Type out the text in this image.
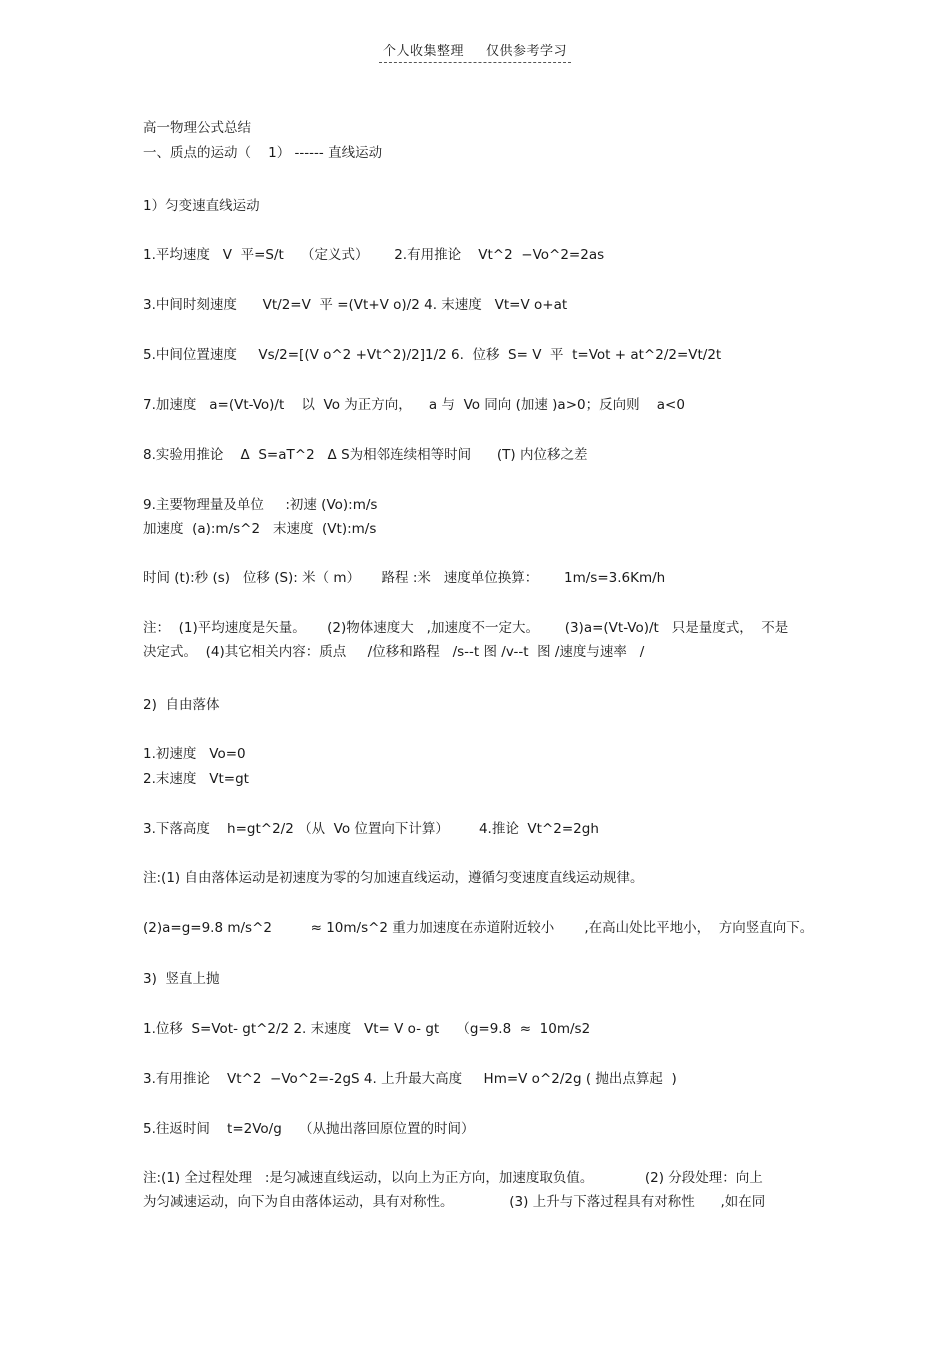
个人收集整理 仅供参考学习
高一物理公式总结
一、质点的运动（    1） ------ 直线运动
1）匀变速直线运动
1.平均速度   V  平=S/t    （定义式）      2.有用推论    Vt^2  −Vo^2=2as
3.中间时刻速度      Vt/2=V  平 =(Vt+V o)/2 4. 末速度   Vt=V o+at
5.中间位置速度     Vs/2=[(V o^2 +Vt^2)/2]1/2 6.  位移  S= V  平  t=Vot + at^2/2=Vt/2t
7.加速度   a=(Vt-Vo)/t    以  Vo 为正方向，    a 与  Vo 同向 (加速 )a>0；反向则    a<0
8.实验用推论    Δ  S=aT^2   Δ S为相邻连续相等时间      (T) 内位移之差
9.主要物理量及单位     :初速 (Vo):m/s
加速度  (a):m/s^2   末速度  (Vt):m/s
时间 (t):秒 (s)   位移 (S): 米（ m）     路程 :米   速度单位换算：      1m/s=3.6Km/h
注：  (1)平均速度是矢量。     (2)物体速度大   ,加速度不一定大。      (3)a=(Vt-Vo)/t   只是量度式，  不是
决定式。  (4)其它相关内容：质点     /位移和路程   /s--t 图 /v--t  图 /速度与速率   /
2)  自由落体
1.初速度   Vo=0
2.末速度   Vt=gt
3.下落高度    h=gt^2/2 （从  Vo 位置向下计算）       4.推论  Vt^2=2gh
注:(1) 自由落体运动是初速度为零的匀加速直线运动，遵循匀变速度直线运动规律。
(2)a=g=9.8 m/s^2         ≈ 10m/s^2 重力加速度在赤道附近较小       ,在高山处比平地小，  方向竖直向下。
3)  竖直上抛
1.位移  S=Vot- gt^2/2 2. 末速度   Vt= V o- gt    （g=9.8  ≈  10m/s2
3.有用推论    Vt^2  −Vo^2=-2gS 4. 上升最大高度     Hm=V o^2/2g ( 抛出点算起  )
5.往返时间    t=2Vo/g    （从抛出落回原位置的时间）
注:(1) 全过程处理   :是匀减速直线运动，以向上为正方向，加速度取负值。            (2) 分段处理：向上
为匀减速运动，向下为自由落体运动，具有对称性。             (3) 上升与下落过程具有对称性      ,如在同
